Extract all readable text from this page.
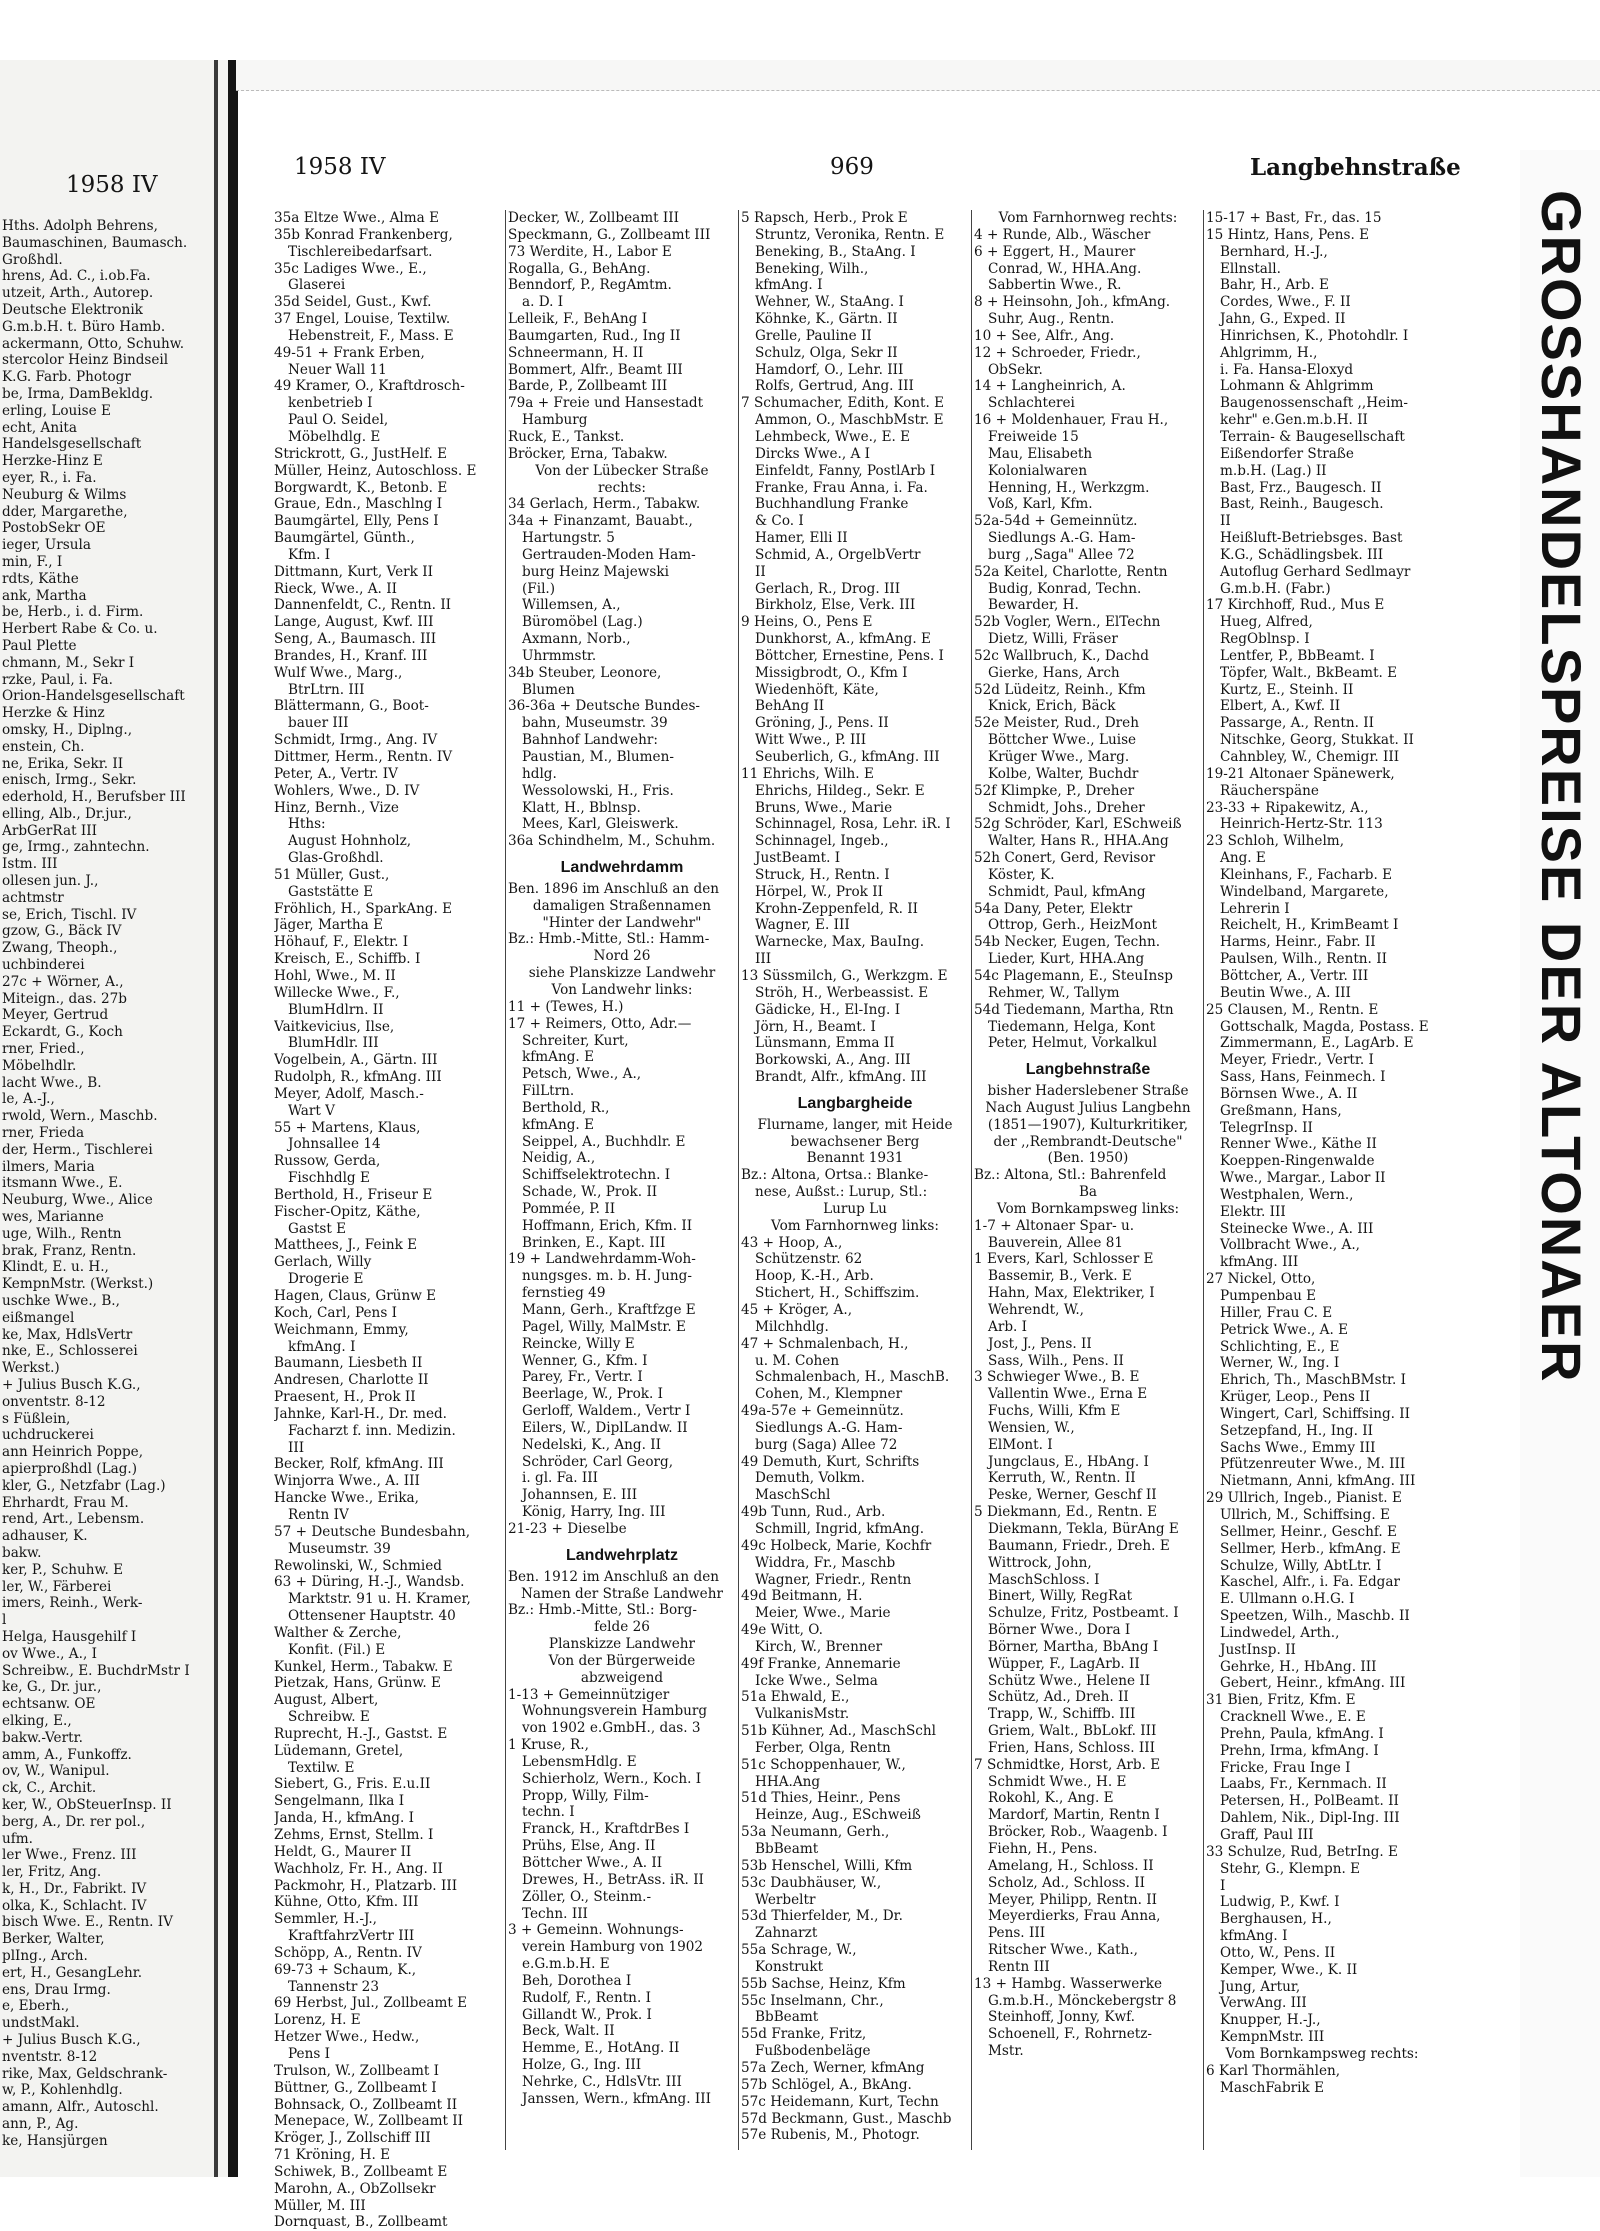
1958 IV
Hths. Adolph Behrens,
Baumaschinen, Baumasch.
Großhdl.
hrens, Ad. C., i.ob.Fa.
utzeit, Arth., Autorep.
Deutsche Elektronik
G.m.b.H. t. Büro Hamb.
ackermann, Otto, Schuhw.
stercolor Heinz Bindseil
K.G. Farb. Photogr
be, Irma, DamBekldg.
erling, Louise E
echt, Anita
Handelsgesellschaft
Herzke-Hinz E
eyer, R., i. Fa.
Neuburg & Wilms
dder, Margarethe,
PostobSekr OE
ieger, Ursula
min, F., I
rdts, Käthe
ank, Martha
be, Herb., i. d. Firm.
Herbert Rabe & Co. u.
Paul Plette
chmann, M., Sekr I
rzke, Paul, i. Fa.
Orion-Handelsgesellschaft
Herzke & Hinz
omsky, H., Diplng.,
enstein, Ch.
ne, Erika, Sekr. II
enisch, Irmg., Sekr.
ederhold, H., Berufsber III
elling, Alb., Dr.jur.,
ArbGerRat III
ge, Irmg., zahntechn.
Istm. III
ollesen jun. J.,
achtmstr
se, Erich, Tischl. IV
gzow, G., Bäck IV
Zwang, Theoph.,
uchbinderei
27c + Wörner, A.,
Miteign., das. 27b
Meyer, Gertrud
Eckardt, G., Koch
rner, Fried.,
Möbelhdlr.
lacht Wwe., B.
le, A.-J.,
rwold, Wern., Maschb.
rner, Frieda
der, Herm., Tischlerei
ilmers, Maria
itsmann Wwe., E.
Neuburg, Wwe., Alice
wes, Marianne
uge, Wilh., Rentn
brak, Franz, Rentn.
Klindt, E. u. H.,
KempnMstr. (Werkst.)
uschke Wwe., B.,
eißmangel
ke, Max, HdlsVertr
nke, E., Schlosserei
Werkst.)
+ Julius Busch K.G.,
onventstr. 8-12
s Füßlein,
uchdruckerei
ann Heinrich Poppe,
apierproßhdl (Lag.)
kler, G., Netzfabr (Lag.)
Ehrhardt, Frau M.
rend, Art., Lebensm.
adhauser, K.
bakw.
ker, P., Schuhw. E
ler, W., Färberei
imers, Reinh., Werk-
l
Helga, Hausgehilf I
ov Wwe., A., I
Schreibw., E. BuchdrMstr I
ke, G., Dr. jur.,
echtsanw. OE
elking, E.,
bakw.-Vertr.
amm, A., Funkoffz.
ov, W., Wanipul.
ck, C., Archit.
ker, W., ObSteuerInsp. II
berg, A., Dr. rer pol.,
ufm.
ler Wwe., Frenz. III
ler, Fritz, Ang.
k, H., Dr., Fabrikt. IV
olka, K., Schlacht. IV
bisch Wwe. E., Rentn. IV
Berker, Walter,
plIng., Arch.
ert, H., GesangLehr.
ens, Drau Irmg.
e, Eberh.,
undstMakl.
+ Julius Busch K.G.,
nventstr. 8-12
rike, Max, Geldschrank-
w, P., Kohlenhdlg.
amann, Alfr., Autoschl.
ann, P., Ag.
ke, Hansjürgen
1958 IV	969	Langbehnstraße
35a Eltze Wwe., Alma E
35b Konrad Frankenberg,
Tischlereibedarfsart.
35c Ladiges Wwe., E.,
Glaserei
35d Seidel, Gust., Kwf.
37 Engel, Louise, Textilw.
Hebenstreit, F., Mass. E
49-51 + Frank Erben,
Neuer Wall 11
49 Kramer, O., Kraftdrosch-
kenbetrieb I
Paul O. Seidel,
Möbelhdlg. E
Strickrott, G., JustHelf. E
Müller, Heinz, Autoschloss. E
Borgwardt, K., Betonb. E
Graue, Edn., Maschlng I
Baumgärtel, Elly, Pens I
Baumgärtel, Günth.,
Kfm. I
Dittmann, Kurt, Verk II
Rieck, Wwe., A. II
Dannenfeldt, C., Rentn. II
Lange, August, Kwf. III
Seng, A., Baumasch. III
Brandes, H., Kranf. III
Wulf Wwe., Marg.,
BtrLtrn. III
Blättermann, G., Boot-
bauer III
Schmidt, Irmg., Ang. IV
Dittmer, Herm., Rentn. IV
Peter, A., Vertr. IV
Wohlers, Wwe., D. IV
Hinz, Bernh., Vize
Hths:
August Hohnholz,
Glas-Großhdl.
51 Müller, Gust.,
Gaststätte E
Fröhlich, H., SparkAng. E
Jäger, Martha E
Höhauf, F., Elektr. I
Kreisch, E., Schiffb. I
Hohl, Wwe., M. II
Willecke Wwe., F.,
BlumHdlrn. II
Vaitkevicius, Ilse,
BlumHdlr. III
Vogelbein, A., Gärtn. III
Rudolph, R., kfmAng. III
Meyer, Adolf, Masch.-
Wart V
55 + Martens, Klaus,
Johnsallee 14
Russow, Gerda,
Fischhdlg E
Berthold, H., Friseur E
Fischer-Opitz, Käthe,
Gastst E
Matthees, J., Feink E
Gerlach, Willy
Drogerie E
Hagen, Claus, Grünw E
Koch, Carl, Pens I
Weichmann, Emmy,
kfmAng. I
Baumann, Liesbeth II
Andresen, Charlotte II
Praesent, H., Prok II
Jahnke, Karl-H., Dr. med.
Facharzt f. inn. Medizin.
III
Becker, Rolf, kfmAng. III
Winjorra Wwe., A. III
Hancke Wwe., Erika,
Rentn IV
57 + Deutsche Bundesbahn,
Museumstr. 39
Rewolinski, W., Schmied
63 + Düring, H.-J., Wandsb.
Marktstr. 91 u. H. Kramer,
Ottensener Hauptstr. 40
Walther & Zerche,
Konfit. (Fil.) E
Kunkel, Herm., Tabakw. E
Pietzak, Hans, Grünw. E
August, Albert,
Schreibw. E
Ruprecht, H.-J., Gastst. E
Lüdemann, Gretel,
Textilw. E
Siebert, G., Fris. E.u.II
Sengelmann, Ilka I
Janda, H., kfmAng. I
Zehms, Ernst, Stellm. I
Heldt, G., Maurer II
Wachholz, Fr. H., Ang. II
Packmohr, H., Platzarb. III
Kühne, Otto, Kfm. III
Semmler, H.-J.,
KraftfahrzVertr III
Schöpp, A., Rentn. IV
69-73 + Schaum, K.,
Tannenstr 23
69 Herbst, Jul., Zollbeamt E
Lorenz, H. E
Hetzer Wwe., Hedw.,
Pens I
Trulson, W., Zollbeamt I
Büttner, G., Zollbeamt I
Bohnsack, O., Zollbeamt II
Menepace, W., Zollbeamt II
Kröger, J., Zollschiff III
71 Kröning, H. E
Schiwek, B., Zollbeamt E
Marohn, A., ObZollsekr
Müller, M. III
Dornquast, B., Zollbeamt
Decker, W., Zollbeamt III
Speckmann, G., Zollbeamt III
73 Werdite, H., Labor E
Rogalla, G., BehAng.
Benndorf, P., RegAmtm.
a. D. I
Lelleik, F., BehAng I
Baumgarten, Rud., Ing II
Schneermann, H. II
Bommert, Alfr., Beamt III
Barde, P., Zollbeamt III
79a + Freie und Hansestadt
Hamburg
Ruck, E., Tankst.
Bröcker, Erna, Tabakw.
Von der Lübecker Straße
rechts:
34 Gerlach, Herm., Tabakw.
34a + Finanzamt, Bauabt.,
Hartungstr. 5
Gertrauden-Moden Ham-
burg Heinz Majewski
(Fil.)
Willemsen, A.,
Büromöbel (Lag.)
Axmann, Norb.,
Uhrmmstr.
34b Steuber, Leonore,
Blumen
36-36a + Deutsche Bundes-
bahn, Museumstr. 39
Bahnhof Landwehr:
Paustian, M., Blumen-
hdlg.
Wessolowski, H., Fris.
Klatt, H., Bblnsp.
Mees, Karl, Gleiswerk.
36a Schindhelm, M., Schuhm.
Landwehrdamm
Ben. 1896 im Anschluß an den
damaligen Straßennamen
"Hinter der Landwehr"
Bz.: Hmb.-Mitte, Stl.: Hamm-
Nord 26
siehe Planskizze Landwehr
Von Landwehr links:
11 + (Tewes, H.)
17 + Reimers, Otto, Adr.—
Schreiter, Kurt,
kfmAng. E
Petsch, Wwe., A.,
FilLtrn.
Berthold, R.,
kfmAng. E
Seippel, A., Buchhdlr. E
Neidig, A.,
Schiffselektrotechn. I
Schade, W., Prok. II
Pommée, P. II
Hoffmann, Erich, Kfm. II
Brinken, E., Kapt. III
19 + Landwehrdamm-Woh-
nungsges. m. b. H. Jung-
fernstieg 49
Mann, Gerh., Kraftfzge E
Pagel, Willy, MalMstr. E
Reincke, Willy E
Wenner, G., Kfm. I
Parey, Fr., Vertr. I
Beerlage, W., Prok. I
Gerloff, Waldem., Vertr I
Eilers, W., DiplLandw. II
Nedelski, K., Ang. II
Schröder, Carl Georg,
i. gl. Fa. III
Johannsen, E. III
König, Harry, Ing. III
21-23 + Dieselbe
Landwehrplatz
Ben. 1912 im Anschluß an den
Namen der Straße Landwehr
Bz.: Hmb.-Mitte, Stl.: Borg-
felde 26
Planskizze Landwehr
Von der Bürgerweide
abzweigend
1-13 + Gemeinnütziger
Wohnungsverein Hamburg
von 1902 e.GmbH., das. 3
1 Kruse, R.,
LebensmHdlg. E
Schierholz, Wern., Koch. I
Propp, Willy, Film-
techn. I
Franck, H., KraftdrBes I
Prühs, Else, Ang. II
Böttcher Wwe., A. II
Drewes, H., BetrAss. iR. II
Zöller, O., Steinm.-
Techn. III
3 + Gemeinn. Wohnungs-
verein Hamburg von 1902
e.G.m.b.H. E
Beh, Dorothea I
Rudolf, F., Rentn. I
Gillandt W., Prok. I
Beck, Walt. II
Hemme, E., HotAng. II
Holze, G., Ing. III
Nehrke, C., HdlsVtr. III
Janssen, Wern., kfmAng. III
5 Rapsch, Herb., Prok E
Struntz, Veronika, Rentn. E
Beneking, B., StaAng. I
Beneking, Wilh.,
kfmAng. I
Wehner, W., StaAng. I
Köhnke, K., Gärtn. II
Grelle, Pauline II
Schulz, Olga, Sekr II
Hamdorf, O., Lehr. III
Rolfs, Gertrud, Ang. III
7 Schumacher, Edith, Kont. E
Ammon, O., MaschbMstr. E
Lehmbeck, Wwe., E. E
Dircks Wwe., A I
Einfeldt, Fanny, PostlArb I
Franke, Frau Anna, i. Fa.
Buchhandlung Franke
& Co. I
Hamer, Elli II
Schmid, A., OrgelbVertr
II
Gerlach, R., Drog. III
Birkholz, Else, Verk. III
9 Heins, O., Pens E
Dunkhorst, A., kfmAng. E
Böttcher, Ernestine, Pens. I
Missigbrodt, O., Kfm I
Wiedenhöft, Käte,
BehAng II
Gröning, J., Pens. II
Witt Wwe., P. III
Seuberlich, G., kfmAng. III
11 Ehrichs, Wilh. E
Ehrichs, Hildeg., Sekr. E
Bruns, Wwe., Marie
Schinnagel, Rosa, Lehr. iR. I
Schinnagel, Ingeb.,
JustBeamt. I
Struck, H., Rentn. I
Hörpel, W., Prok II
Krohn-Zeppenfeld, R. II
Wagner, E. III
Warnecke, Max, BauIng.
III
13 Süssmilch, G., Werkzgm. E
Ströh, H., Werbeassist. E
Gädicke, H., El-Ing. I
Jörn, H., Beamt. I
Lünsmann, Emma II
Borkowski, A., Ang. III
Brandt, Alfr., kfmAng. III
Langbargheide
Flurname, langer, mit Heide
bewachsener Berg
Benannt 1931
Bz.: Altona, Ortsa.: Blanke-
nese, Außst.: Lurup, Stl.:
Lurup Lu
Vom Farnhornweg links:
43 + Hoop, A.,
Schützenstr. 62
Hoop, K.-H., Arb.
Stichert, H., Schiffszim.
45 + Kröger, A.,
Milchhdlg.
47 + Schmalenbach, H.,
u. M. Cohen
Schmalenbach, H., MaschB.
Cohen, M., Klempner
49a-57e + Gemeinnütz.
Siedlungs A.-G. Ham-
burg (Saga) Allee 72
49 Demuth, Kurt, Schrifts
Demuth, Volkm.
MaschSchl
49b Tunn, Rud., Arb.
Schmill, Ingrid, kfmAng.
49c Holbeck, Marie, Kochfr
Widdra, Fr., Maschb
Wagner, Friedr., Rentn
49d Beitmann, H.
Meier, Wwe., Marie
49e Witt, O.
Kirch, W., Brenner
49f Franke, Annemarie
Icke Wwe., Selma
51a Ehwald, E.,
VulkanisMstr.
51b Kühner, Ad., MaschSchl
Ferber, Olga, Rentn
51c Schoppenhauer, W.,
HHA.Ang
51d Thies, Heinr., Pens
Heinze, Aug., ESchweiß
53a Neumann, Gerh.,
BbBeamt
53b Henschel, Willi, Kfm
53c Daubhäuser, W.,
Werbeltr
53d Thierfelder, M., Dr.
Zahnarzt
55a Schrage, W.,
Konstrukt
55b Sachse, Heinz, Kfm
55c Inselmann, Chr.,
BbBeamt
55d Franke, Fritz,
Fußbodenbeläge
57a Zech, Werner, kfmAng
57b Schlögel, A., BkAng.
57c Heidemann, Kurt, Techn
57d Beckmann, Gust., Maschb
57e Rubenis, M., Photogr.
Vom Farnhornweg rechts:
4 + Runde, Alb., Wäscher
6 + Eggert, H., Maurer
Conrad, W., HHA.Ang.
Sabbertin Wwe., R.
8 + Heinsohn, Joh., kfmAng.
Suhr, Aug., Rentn.
10 + See, Alfr., Ang.
12 + Schroeder, Friedr.,
ObSekr.
14 + Langheinrich, A.
Schlachterei
16 + Moldenhauer, Frau H.,
Freiweide 15
Mau, Elisabeth
Kolonialwaren
Henning, H., Werkzgm.
Voß, Karl, Kfm.
52a-54d + Gemeinnütz.
Siedlungs A.-G. Ham-
burg ,,Saga" Allee 72
52a Keitel, Charlotte, Rentn
Budig, Konrad, Techn.
Bewarder, H.
52b Vogler, Wern., ElTechn
Dietz, Willi, Fräser
52c Wallbruch, K., Dachd
Gierke, Hans, Arch
52d Lüdeitz, Reinh., Kfm
Knick, Erich, Bäck
52e Meister, Rud., Dreh
Böttcher Wwe., Luise
Krüger Wwe., Marg.
Kolbe, Walter, Buchdr
52f Klimpke, P., Dreher
Schmidt, Johs., Dreher
52g Schröder, Karl, ESchweiß
Walter, Hans R., HHA.Ang
52h Conert, Gerd, Revisor
Köster, K.
Schmidt, Paul, kfmAng
54a Dany, Peter, Elektr
Ottrop, Gerh., HeizMont
54b Necker, Eugen, Techn.
Lieder, Kurt, HHA.Ang
54c Plagemann, E., SteuInsp
Rehmer, W., Tallym
54d Tiedemann, Martha, Rtn
Tiedemann, Helga, Kont
Peter, Helmut, Vorkalkul
Langbehnstraße
bisher Haderslebener Straße
Nach August Julius Langbehn
(1851—1907), Kulturkritiker,
der ,,Rembrandt-Deutsche"
(Ben. 1950)
Bz.: Altona, Stl.: Bahrenfeld
Ba
Vom Bornkampsweg links:
1-7 + Altonaer Spar- u.
Bauverein, Allee 81
1 Evers, Karl, Schlosser E
Bassemir, B., Verk. E
Hahn, Max, Elektriker, I
Wehrendt, W.,
Arb. I
Jost, J., Pens. II
Sass, Wilh., Pens. II
3 Schwieger Wwe., B. E
Vallentin Wwe., Erna E
Fuchs, Willi, Kfm E
Wensien, W.,
ElMont. I
Jungclaus, E., HbAng. I
Kerruth, W., Rentn. II
Peske, Werner, Geschf II
5 Diekmann, Ed., Rentn. E
Diekmann, Tekla, BürAng E
Baumann, Friedr., Dreh. E
Wittrock, John,
MaschSchloss. I
Binert, Willy, RegRat
Schulze, Fritz, Postbeamt. I
Börner Wwe., Dora I
Börner, Martha, BbAng I
Wüpper, F., LagArb. II
Schütz Wwe., Helene II
Schütz, Ad., Dreh. II
Trapp, W., Schiffb. III
Griem, Walt., BbLokf. III
Frien, Hans, Schloss. III
7 Schmidtke, Horst, Arb. E
Schmidt Wwe., H. E
Rokohl, K., Ang. E
Mardorf, Martin, Rentn I
Bröcker, Rob., Waagenb. I
Fiehn, H., Pens.
Amelang, H., Schloss. II
Scholz, Ad., Schloss. II
Meyer, Philipp, Rentn. II
Meyerdierks, Frau Anna,
Pens. III
Ritscher Wwe., Kath.,
Rentn III
13 + Hambg. Wasserwerke
G.m.b.H., Mönckebergstr 8
Steinhoff, Jonny, Kwf.
Schoenell, F., Rohrnetz-
Mstr.
15-17 + Bast, Fr., das. 15
15 Hintz, Hans, Pens. E
Bernhard, H.-J.,
Ellnstall.
Bahr, H., Arb. E
Cordes, Wwe., F. II
Jahn, G., Exped. II
Hinrichsen, K., Photohdlr. I
Ahlgrimm, H.,
i. Fa. Hansa-Eloxyd
Lohmann & Ahlgrimm
Baugenossenschaft ,,Heim-
kehr" e.Gen.m.b.H. II
Terrain- & Baugesellschaft
Eißendorfer Straße
m.b.H. (Lag.) II
Bast, Frz., Baugesch. II
Bast, Reinh., Baugesch.
II
Heißluft-Betriebsges. Bast
K.G., Schädlingsbek. III
Autoflug Gerhard Sedlmayr
G.m.b.H. (Fabr.)
17 Kirchhoff, Rud., Mus E
Hueg, Alfred,
RegOblnsp. I
Lentfer, P., BbBeamt. I
Töpfer, Walt., BkBeamt. E
Kurtz, E., Steinh. II
Elbert, A., Kwf. II
Passarge, A., Rentn. II
Nitschke, Georg, Stukkat. II
Cahnbley, W., Chemigr. III
19-21 Altonaer Spänewerk,
Räucherspäne
23-33 + Ripakewitz, A.,
Heinrich-Hertz-Str. 113
23 Schloh, Wilhelm,
Ang. E
Kleinhans, F., Facharb. E
Windelband, Margarete,
Lehrerin I
Reichelt, H., KrimBeamt I
Harms, Heinr., Fabr. II
Paulsen, Wilh., Rentn. II
Böttcher, A., Vertr. III
Beutin Wwe., A. III
25 Clausen, M., Rentn. E
Gottschalk, Magda, Postass. E
Zimmermann, E., LagArb. E
Meyer, Friedr., Vertr. I
Sass, Hans, Feinmech. I
Börnsen Wwe., A. II
Greßmann, Hans,
TelegrInsp. II
Renner Wwe., Käthe II
Koeppen-Ringenwalde
Wwe., Margar., Labor II
Westphalen, Wern.,
Elektr. III
Steinecke Wwe., A. III
Vollbracht Wwe., A.,
kfmAng. III
27 Nickel, Otto,
Pumpenbau E
Hiller, Frau C. E
Petrick Wwe., A. E
Schlichting, E., E
Werner, W., Ing. I
Ehrich, Th., MaschBMstr. I
Krüger, Leop., Pens II
Wingert, Carl, Schiffsing. II
Setzepfand, H., Ing. II
Sachs Wwe., Emmy III
Pfützenreuter Wwe., M. III
Nietmann, Anni, kfmAng. III
29 Ullrich, Ingeb., Pianist. E
Ullrich, M., Schiffsing. E
Sellmer, Heinr., Geschf. E
Sellmer, Herb., kfmAng. E
Schulze, Willy, AbtLtr. I
Kaschel, Alfr., i. Fa. Edgar
E. Ullmann o.H.G. I
Speetzen, Wilh., Maschb. II
Lindwedel, Arth.,
JustInsp. II
Gehrke, H., HbAng. III
Gebert, Heinr., kfmAng. III
31 Bien, Fritz, Kfm. E
Cracknell Wwe., E. E
Prehn, Paula, kfmAng. I
Prehn, Irma, kfmAng. I
Fricke, Frau Inge I
Laabs, Fr., Kernmach. II
Petersen, H., PolBeamt. II
Dahlem, Nik., Dipl-Ing. III
Graff, Paul III
33 Schulze, Rud, BetrIng. E
Stehr, G., Klempn. E
I
Ludwig, P., Kwf. I
Berghausen, H.,
kfmAng. I
Otto, W., Pens. II
Kemper, Wwe., K. II
Jung, Artur,
VerwAng. III
Knupper, H.-J.,
KempnMstr. III
Vom Bornkampsweg rechts:
6 Karl Thormählen,
MaschFabrik E
GROSSHANDELSPREISE DER ALTONAER
